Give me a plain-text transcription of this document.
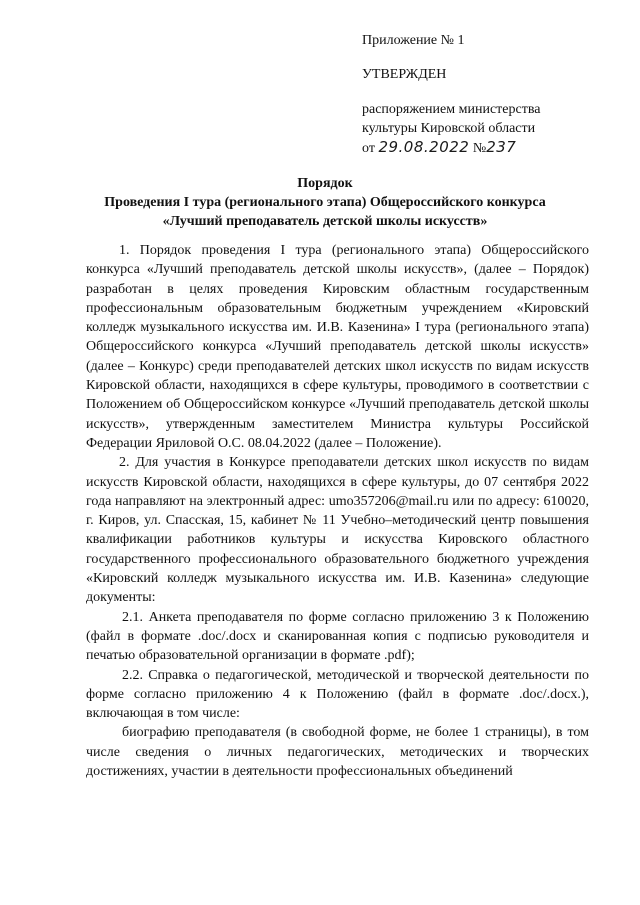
Приложение № 1
УТВЕРЖДЕН
распоряжением министерства
культуры Кировской области
от 29.08.2022 №237
Порядок
Проведения I тура (регионального этапа) Общероссийского конкурса
«Лучший преподаватель детской школы искусств»

1. Порядок проведения I тура (регионального этапа) Общероссийского конкурса «Лучший преподаватель детской школы искусств», (далее – Порядок) разработан в целях проведения Кировским областным государственным профессиональным образовательным бюджетным учреждением «Кировский колледж музыкального искусства им. И.В. Казенина» I тура (регионального этапа) Общероссийского конкурса «Лучший преподаватель детской школы искусств» (далее – Конкурс) среди преподавателей детских школ искусств по видам искусств Кировской области, находящихся в сфере культуры, проводимого в соответствии с Положением об Общероссийском конкурсе «Лучший преподаватель детской школы искусств», утвержденным заместителем Министра культуры Российской Федерации Яриловой О.С. 08.04.2022 (далее – Положение).

2. Для участия в Конкурсе преподаватели детских школ искусств по видам искусств Кировской области, находящихся в сфере культуры, до 07 сентября 2022 года направляют на электронный адрес: umo357206@mail.ru или по адресу: 610020, г. Киров, ул. Спасская, 15, кабинет № 11 Учебно–методический центр повышения квалификации работников культуры и искусства Кировского областного государственного профессионального образовательного бюджетного учреждения «Кировский колледж музыкального искусства им. И.В. Казенина» следующие документы:

2.1. Анкета преподавателя по форме согласно приложению 3 к Положению (файл в формате .doc/.docx и сканированная копия с подписью руководителя и печатью образовательной организации в формате .pdf);

2.2. Справка о педагогической, методической и творческой деятельности по форме согласно приложению 4 к Положению (файл в формате .doc/.docx.), включающая в том числе:

биографию преподавателя (в свободной форме, не более 1 страницы), в том числе сведения о личных педагогических, методических и творческих достижениях, участии в деятельности профессиональных объединений
